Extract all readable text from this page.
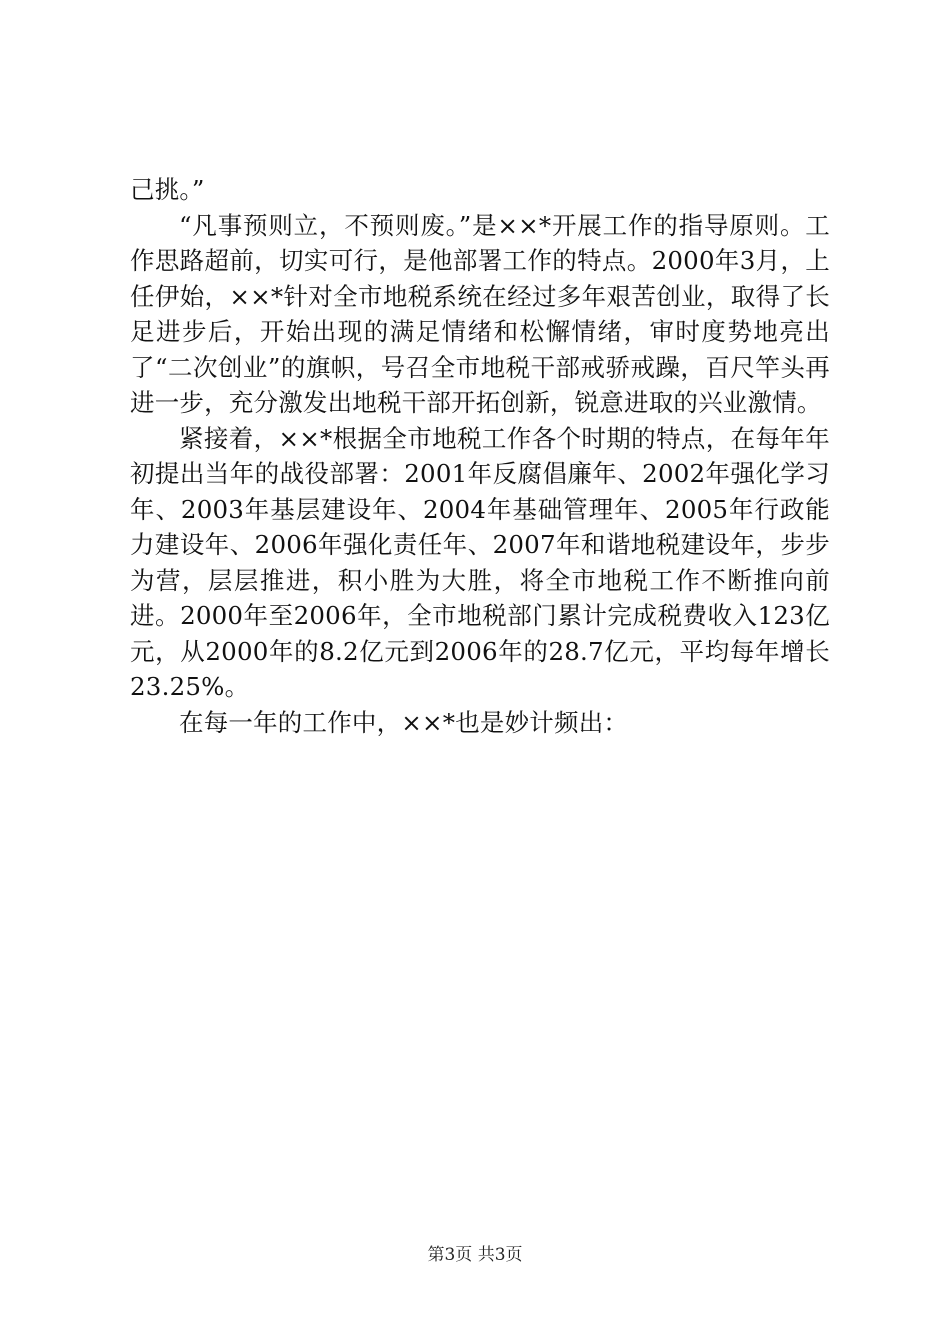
己挑。”

“凡事预则立，不预则废。”是××*开展工作的指导原则。工作思路超前，切实可行，是他部署工作的特点。2000年3月，上任伊始，××*针对全市地税系统在经过多年艰苦创业，取得了长足进步后，开始出现的满足情绪和松懈情绪，审时度势地亮出了“二次创业”的旗帜，号召全市地税干部戒骄戒躁，百尺竿头再进一步，充分激发出地税干部开拓创新，锐意进取的兴业激情。

紧接着，××*根据全市地税工作各个时期的特点，在每年年初提出当年的战役部署：2001年反腐倡廉年、2002年强化学习年、2003年基层建设年、2004年基础管理年、2005年行政能力建设年、2006年强化责任年、2007年和谐地税建设年，步步为营，层层推进，积小胜为大胜，将全市地税工作不断推向前进。2000年至2006年，全市地税部门累计完成税费收入123亿元，从2000年的8.2亿元到2006年的28.7亿元，平均每年增长23.25%。

在每一年的工作中，××*也是妙计频出：

第3页 共3页
